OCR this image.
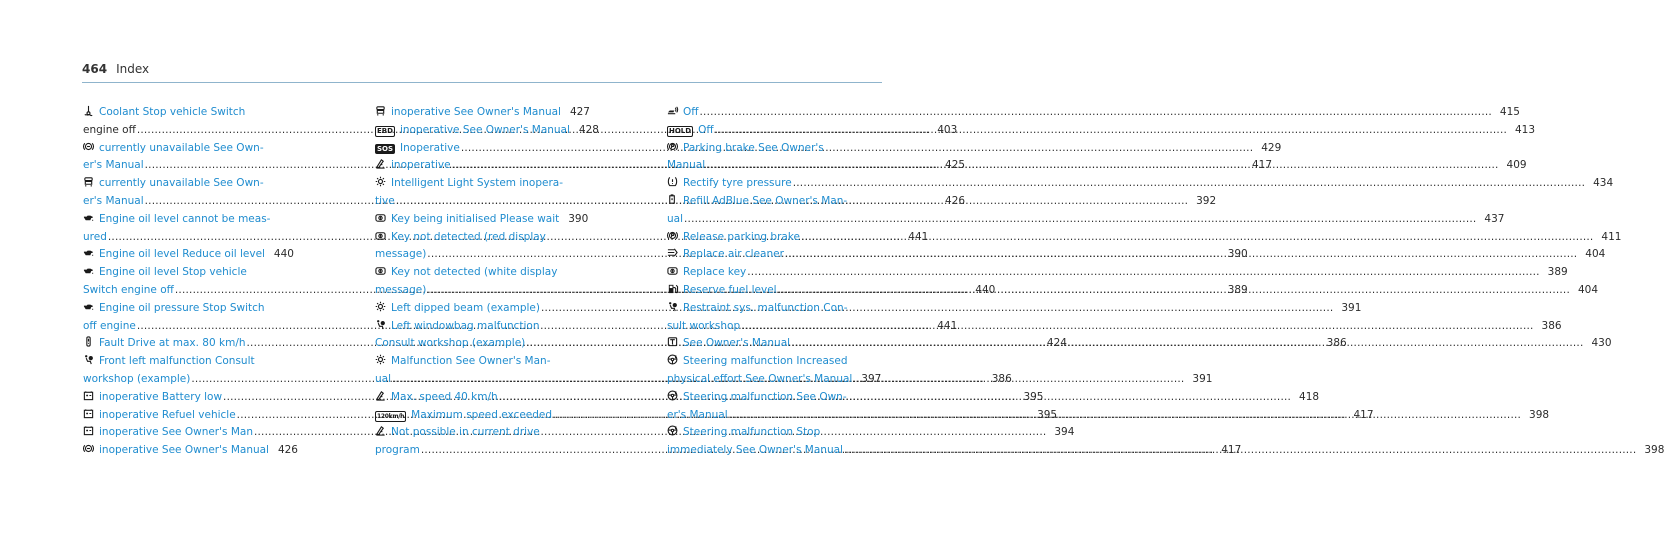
464 Index
Coolant Stop vehicle Switch
engine off .....	403
currently unavailable See Own-
er's Manual .....	425
currently unavailable See Own-
er's Manual .....	426
Engine oil level cannot be meas-
ured .....	441
Engine oil level Reduce oil level 440
Engine oil level Stop vehicle
Switch engine off .....	440
Engine oil pressure Stop Switch
off engine .....	441
Fault Drive at max. 80 km/h .....	424
Front left malfunction Consult
workshop (example) .....	386
inoperative Battery low .....	395
inoperative Refuel vehicle .....	395
inoperative See Owner's Man .....	394
inoperative See Owner's Manual 426
inoperative See Owner's Manual 427
EBD inoperative See Owner's Manual 428
SOS Inoperative .....	429
inoperative .....	417
Intelligent Light System inopera-
tive .....	392
Key being initialised Please wait 390
Key not detected (red display
message) .....	390
Key not detected (white display
message) .....	389
Left dipped beam (example) .....	391
Left windowbag malfunction
Consult workshop (example) .....	386
Malfunction See Owner's Man-
ual .....	391
Max. speed 40 km/h .....	418
120km/h Maximum speed exceeded .....	417
Not possible in current drive
program .....	417
Off .....	415
HOLD Off .....	413
Parking brake See Owner's
Manual .....	409
Rectify tyre pressure .....	434
Refill AdBlue See Owner's Man-
ual .....	437
Release parking brake .....	411
Replace air cleaner .....	404
Replace key .....	389
Reserve fuel level .....	404
Restraint sys. malfunction Con-
sult workshop .....	386
See Owner's Manual .....	430
Steering malfunction Increased
physical effort See Owner's Manual 397
Steering malfunction See Own-
er's Manual .....	398
Steering malfunction Stop
immediately See Owner's Manual .....	398
